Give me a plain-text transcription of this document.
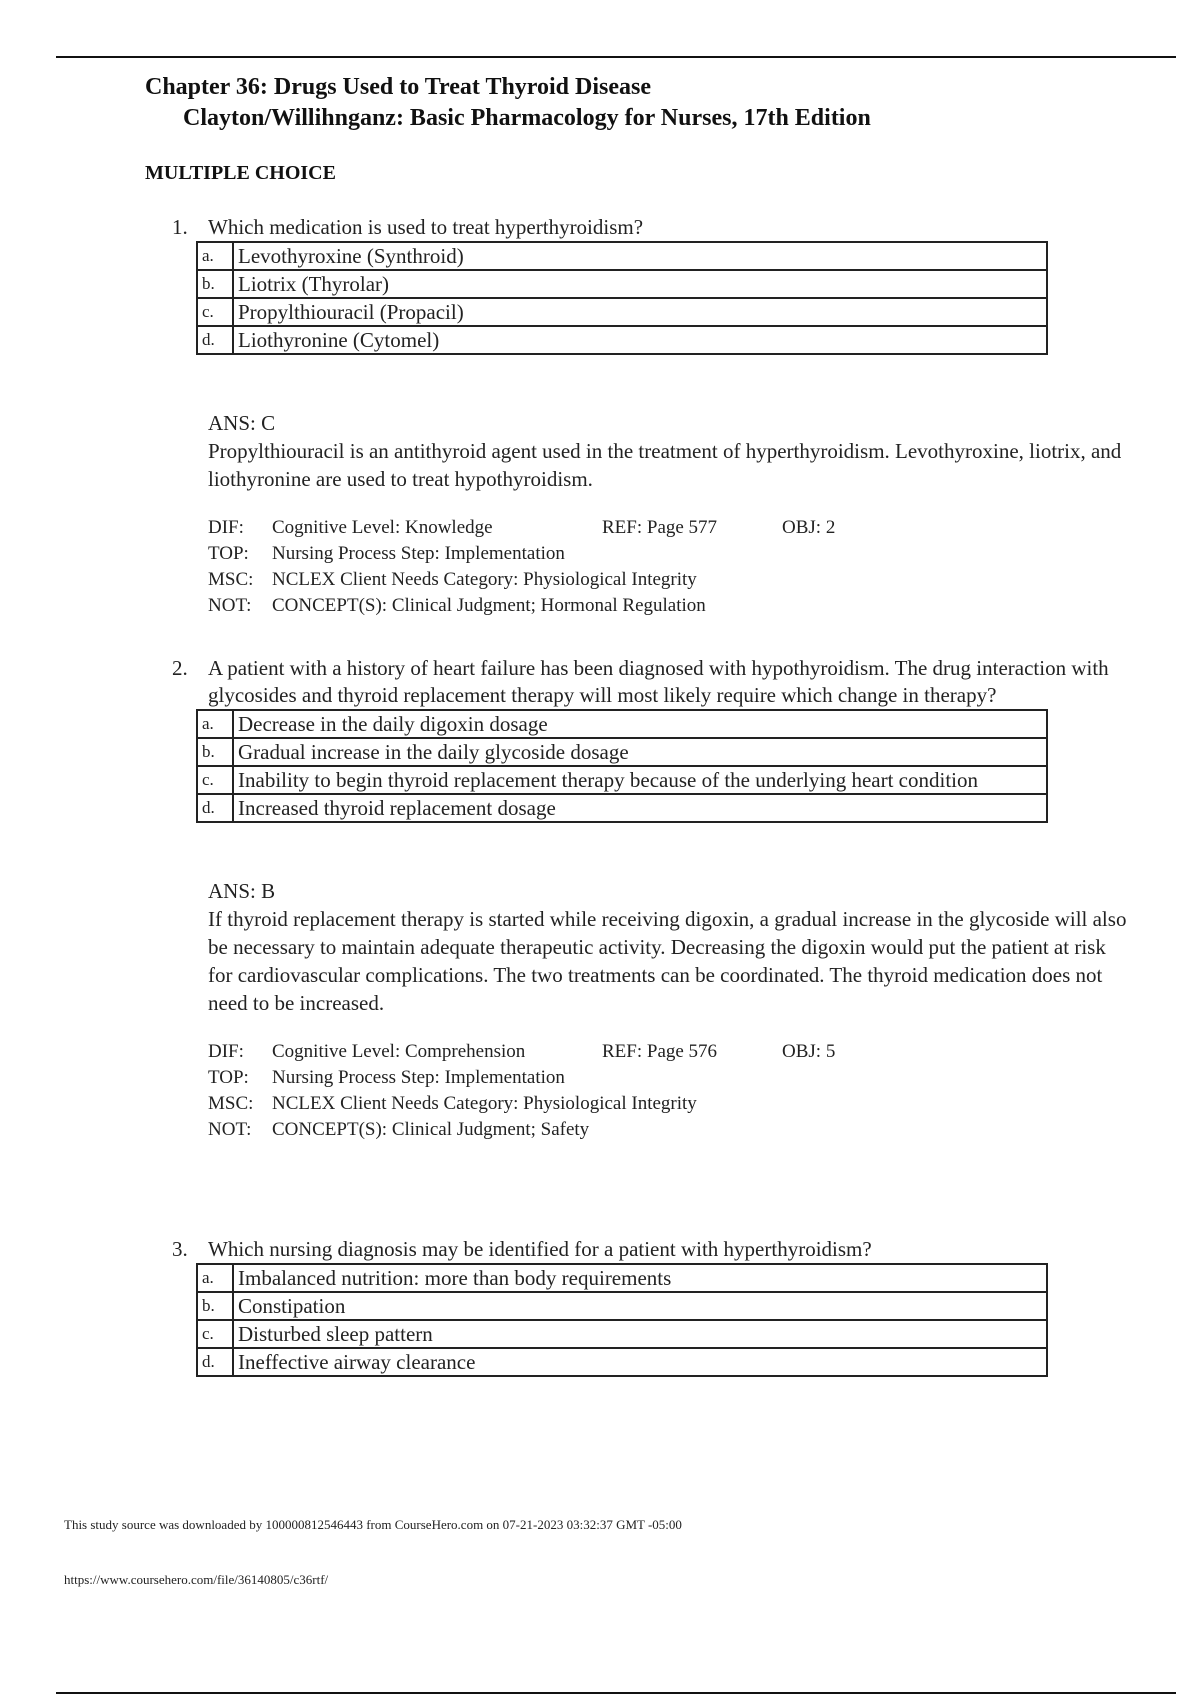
Chapter 36: Drugs Used to Treat Thyroid Disease
Clayton/Willihnganz: Basic Pharmacology for Nurses, 17th Edition
MULTIPLE CHOICE
1. Which medication is used to treat hyperthyroidism?
a.	Levothyroxine (Synthroid)
b.	Liotrix (Thyrolar)
c.	Propylthiouracil (Propacil)
d.	Liothyronine (Cytomel)
ANS: C
Propylthiouracil is an antithyroid agent used in the treatment of hyperthyroidism. Levothyroxine, liotrix, and liothyronine are used to treat hypothyroidism.
DIF:	Cognitive Level: Knowledge	REF: Page 577	OBJ: 2
TOP:	Nursing Process Step: Implementation
MSC: NCLEX Client Needs Category: Physiological Integrity
NOT:	CONCEPT(S): Clinical Judgment; Hormonal Regulation
2. A patient with a history of heart failure has been diagnosed with hypothyroidism. The drug interaction with glycosides and thyroid replacement therapy will most likely require which change in therapy?
a.	Decrease in the daily digoxin dosage
b.	Gradual increase in the daily glycoside dosage
c.	Inability to begin thyroid replacement therapy because of the underlying heart condition
d.	Increased thyroid replacement dosage
ANS: B
If thyroid replacement therapy is started while receiving digoxin, a gradual increase in the glycoside will also be necessary to maintain adequate therapeutic activity. Decreasing the digoxin would put the patient at risk for cardiovascular complications. The two treatments can be coordinated. The thyroid medication does not need to be increased.
DIF:	Cognitive Level: Comprehension	REF: Page 576	OBJ: 5
TOP:	Nursing Process Step: Implementation
MSC: NCLEX Client Needs Category: Physiological Integrity
NOT:	CONCEPT(S): Clinical Judgment; Safety
3. Which nursing diagnosis may be identified for a patient with hyperthyroidism?
a.	Imbalanced nutrition: more than body requirements
b.	Constipation
c.	Disturbed sleep pattern
d.	Ineffective airway clearance
This study source was downloaded by 100000812546443 from CourseHero.com on 07-21-2023 03:32:37 GMT -05:00
https://www.coursehero.com/file/36140805/c36rtf/
